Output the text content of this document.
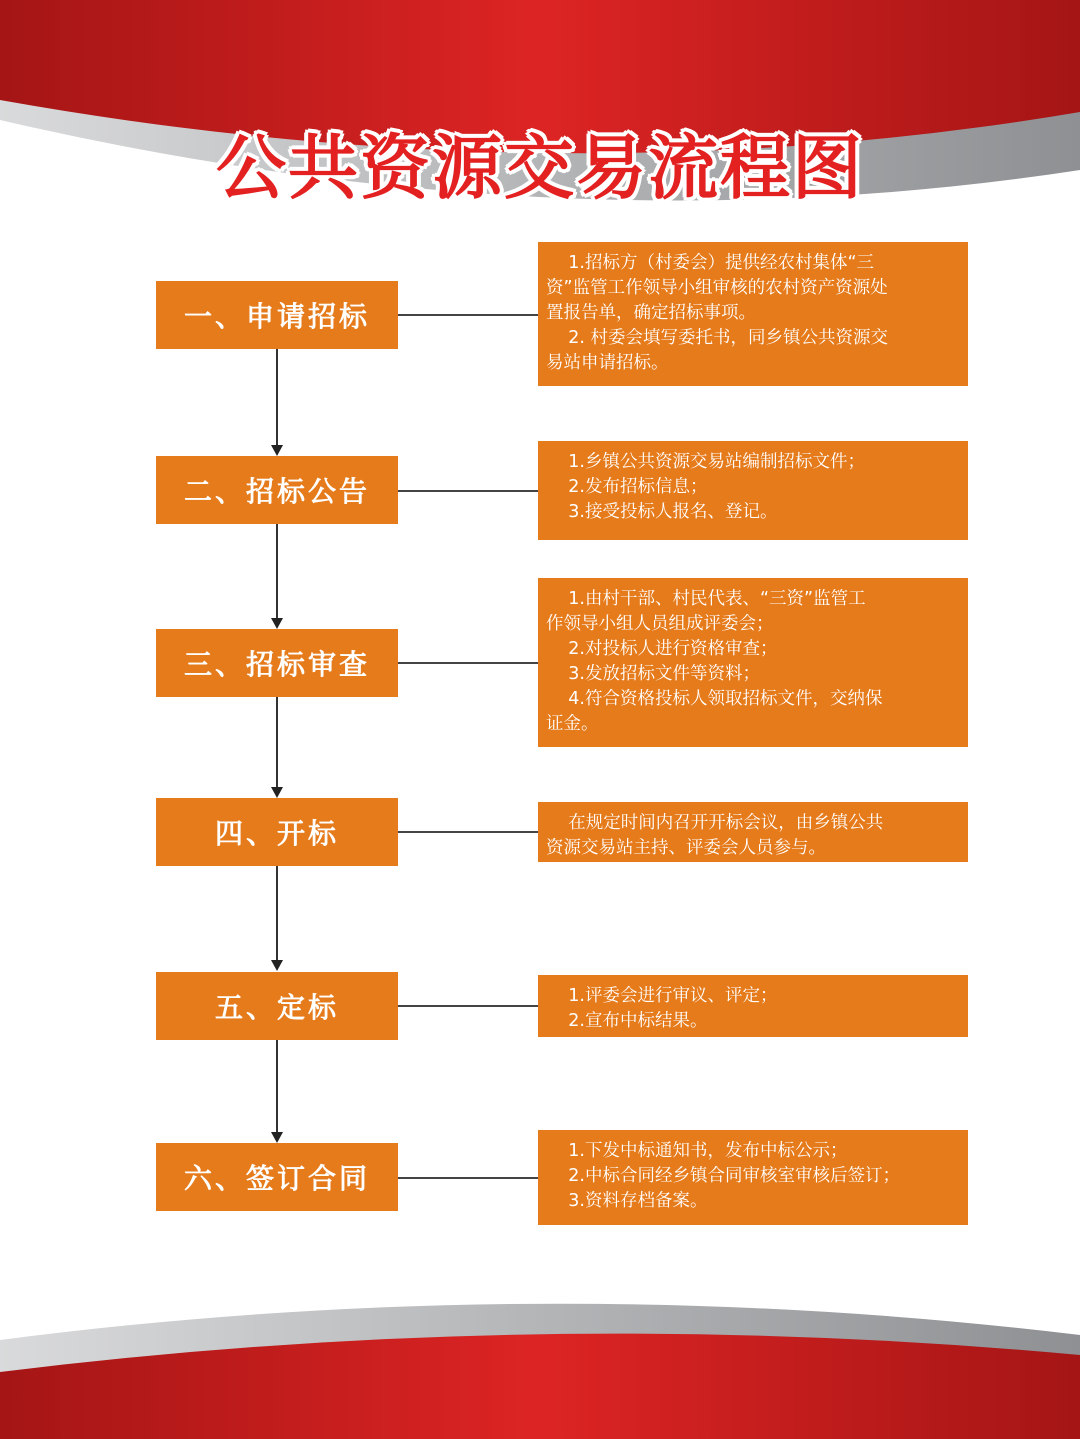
公共资源交易流程图
一、申请招标
二、招标公告
三、招标审查
四、开标
五、定标
六、签订合同
1.招标方（村委会）提供经农村集体“三
资”监管工作领导小组审核的农村资产资源处
置报告单，确定招标事项。
2. 村委会填写委托书，同乡镇公共资源交
易站申请招标。
1.乡镇公共资源交易站编制招标文件；
2.发布招标信息；
3.接受投标人报名、登记。
1.由村干部、村民代表、“三资”监管工
作领导小组人员组成评委会；
2.对投标人进行资格审查；
3.发放招标文件等资料；
4.符合资格投标人领取招标文件，交纳保
证金。
在规定时间内召开开标会议，由乡镇公共
资源交易站主持、评委会人员参与。
1.评委会进行审议、评定；
2.宣布中标结果。
1.下发中标通知书，发布中标公示；
2.中标合同经乡镇合同审核室审核后签订；
3.资料存档备案。
